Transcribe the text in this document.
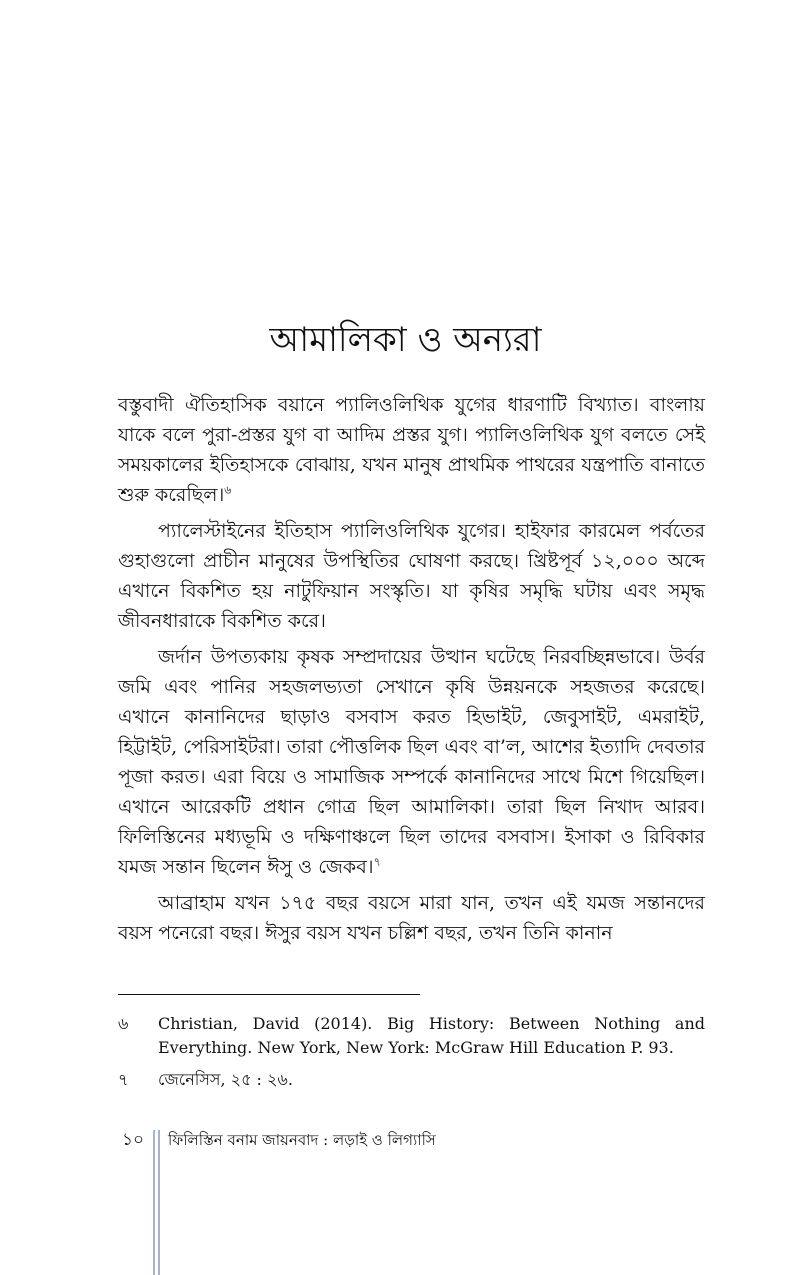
আমালিকা ও অন্যরা

বস্তুবাদী ঐতিহাসিক বয়ানে প্যালিওলিথিক যুগের ধারণাটি বিখ্যাত। বাংলায় যাকে বলে পুরা-প্রস্তর যুগ বা আদিম প্রস্তর যুগ। প্যালিওলিথিক যুগ বলতে সেই সময়কালের ইতিহাসকে বোঝায়, যখন মানুষ প্রাথমিক পাথরের যন্ত্রপাতি বানাতে শুরু করেছিল।$^৬$

প্যালেস্টাইনের ইতিহাস প্যালিওলিথিক যুগের। হাইফার কারমেল পর্বতের গুহাগুলো প্রাচীন মানুষের উপস্থিতির ঘোষণা করছে। খ্রিষ্টপূর্ব ১২,০০০ অব্দে এখানে বিকশিত হয় নাটুফিয়ান সংস্কৃতি। যা কৃষির সমৃদ্ধি ঘটায় এবং সমৃদ্ধ জীবনধারাকে বিকশিত করে।

জর্দান উপত্যকায় কৃষক সম্প্রদায়ের উত্থান ঘটেছে নিরবচ্ছিন্নভাবে। উর্বর জমি এবং পানির সহজলভ্যতা সেখানে কৃষি উন্নয়নকে সহজতর করেছে। এখানে কানানিদের ছাড়াও বসবাস করত হিভাইট, জেবুসাইট, এমরাইট, হিট্টাইট, পেরিসাইটরা। তারা পৌত্তলিক ছিল এবং বা’ল, আশের ইত্যাদি দেবতার পূজা করত। এরা বিয়ে ও সামাজিক সম্পর্কে কানানিদের সাথে মিশে গিয়েছিল। এখানে আরেকটি প্রধান গোত্র ছিল আমালিকা। তারা ছিল নিখাদ আরব। ফিলিস্তিনের মধ্যভূমি ও দক্ষিণাঞ্চলে ছিল তাদের বসবাস। ইসাকা ও রিবিকার যমজ সন্তান ছিলেন ঈসু ও জেকব।$^৭$

আব্রাহাম যখন ১৭৫ বছর বয়সে মারা যান, তখন এই যমজ সন্তানদের বয়স পনেরো বছর। ঈসুর বয়স যখন চল্লিশ বছর, তখন তিনি কানান

৬	Christian, David (2014). Big History: Between Nothing and Everything. New York, New York: McGraw Hill Education P. 93.
৭	জেনেসিস, ২৫ : ২৬.
১০ ফিলিস্তিন বনাম জায়নবাদ : লড়াই ও লিগ্যাসি
